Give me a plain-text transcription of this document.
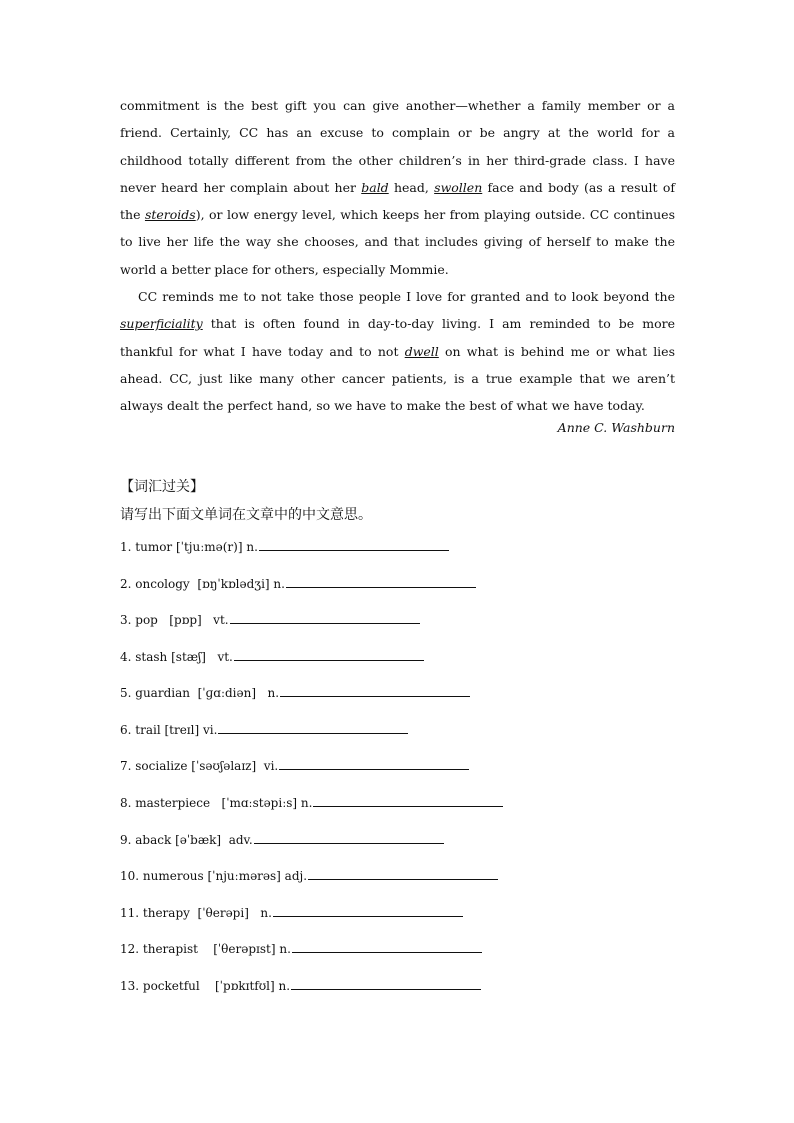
commitment is the best gift you can give another—whether a family member or a friend. Certainly, CC has an excuse to complain or be angry at the world for a childhood totally different from the other children’s in her third-grade class. I have never heard her complain about her bald head, swollen face and body (as a result of the steroids), or low energy level, which keeps her from playing outside. CC continues to live her life the way she chooses, and that includes giving of herself to make the world a better place for others, especially Mommie.

CC reminds me to not take those people I love for granted and to look beyond the superficiality that is often found in day-to-day living. I am reminded to be more thankful for what I have today and to not dwell on what is behind me or what lies ahead. CC, just like many other cancer patients, is a true example that we aren’t always dealt the perfect hand, so we have to make the best of what we have today.

Anne C. Washburn
【词汇过关】
请写出下面文单词在文章中的中文意思。
1. tumor [ˈtjuːmə(r)] n.
2. oncology [ɒŋˈkɒlədʒi] n.
3. pop [pɒp] vt.
4. stash [stæʃ] vt.
5. guardian [ˈɡɑːdiən] n.
6. trail [treɪl] vi.
7. socialize [ˈsəʊʃəlaɪz] vi.
8. masterpiece [ˈmɑːstəpiːs] n.
9. aback [əˈbæk] adv.
10. numerous [ˈnjuːmərəs] adj.
11. therapy [ˈθerəpi] n.
12. therapist [ˈθerəpɪst] n.
13. pocketful [ˈpɒkɪtfʊl] n.
